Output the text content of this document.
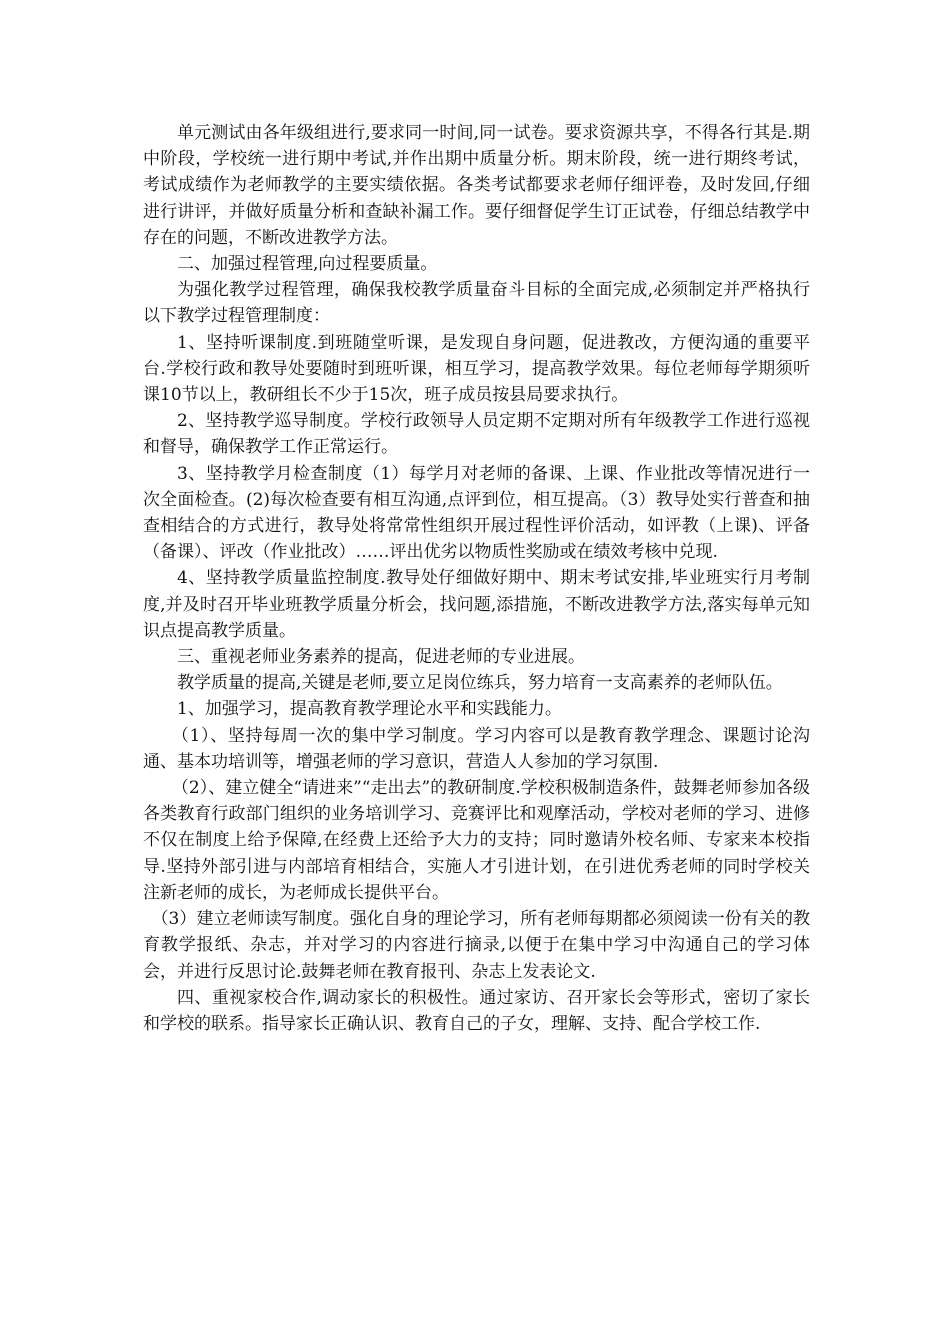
单元测试由各年级组进行,要求同一时间,同一试卷。要求资源共享，不得各行其是.期中阶段，学校统一进行期中考试,并作出期中质量分析。期末阶段，统一进行期终考试，考试成绩作为老师教学的主要实绩依据。各类考试都要求老师仔细评卷，及时发回,仔细进行讲评，并做好质量分析和查缺补漏工作。要仔细督促学生订正试卷，仔细总结教学中存在的问题，不断改进教学方法。

二、加强过程管理,向过程要质量。

为强化教学过程管理，确保我校教学质量奋斗目标的全面完成,必须制定并严格执行以下教学过程管理制度：

1、坚持听课制度.到班随堂听课，是发现自身问题，促进教改，方便沟通的重要平台.学校行政和教导处要随时到班听课，相互学习，提高教学效果。每位老师每学期须听课10节以上，教研组长不少于15次，班子成员按县局要求执行。

2、坚持教学巡导制度。学校行政领导人员定期不定期对所有年级教学工作进行巡视和督导，确保教学工作正常运行。

3、坚持教学月检查制度（1）每学月对老师的备课、上课、作业批改等情况进行一次全面检查。(2)每次检查要有相互沟通,点评到位，相互提高。（3）教导处实行普查和抽查相结合的方式进行，教导处将常常性组织开展过程性评价活动，如评教（上课)、评备（备课）、评改（作业批改）……评出优劣以物质性奖励或在绩效考核中兑现.

4、坚持教学质量监控制度.教导处仔细做好期中、期末考试安排,毕业班实行月考制度,并及时召开毕业班教学质量分析会，找问题,添措施，不断改进教学方法,落实每单元知识点提高教学质量。

三、重视老师业务素养的提高，促进老师的专业进展。

教学质量的提高,关键是老师,要立足岗位练兵，努力培育一支高素养的老师队伍。

1、加强学习，提高教育教学理论水平和实践能力。

（1）、坚持每周一次的集中学习制度。学习内容可以是教育教学理念、课题讨论沟通、基本功培训等，增强老师的学习意识，营造人人参加的学习氛围.

（2）、建立健全“请进来”“走出去”的教研制度.学校积极制造条件，鼓舞老师参加各级各类教育行政部门组织的业务培训学习、竞赛评比和观摩活动，学校对老师的学习、进修不仅在制度上给予保障,在经费上还给予大力的支持；同时邀请外校名师、专家来本校指导.坚持外部引进与内部培育相结合，实施人才引进计划，在引进优秀老师的同时学校关注新老师的成长，为老师成长提供平台。

（3）建立老师读写制度。强化自身的理论学习，所有老师每期都必须阅读一份有关的教育教学报纸、杂志，并对学习的内容进行摘录,以便于在集中学习中沟通自己的学习体会，并进行反思讨论.鼓舞老师在教育报刊、杂志上发表论文.

四、重视家校合作,调动家长的积极性。通过家访、召开家长会等形式，密切了家长和学校的联系。指导家长正确认识、教育自己的子女，理解、支持、配合学校工作.
